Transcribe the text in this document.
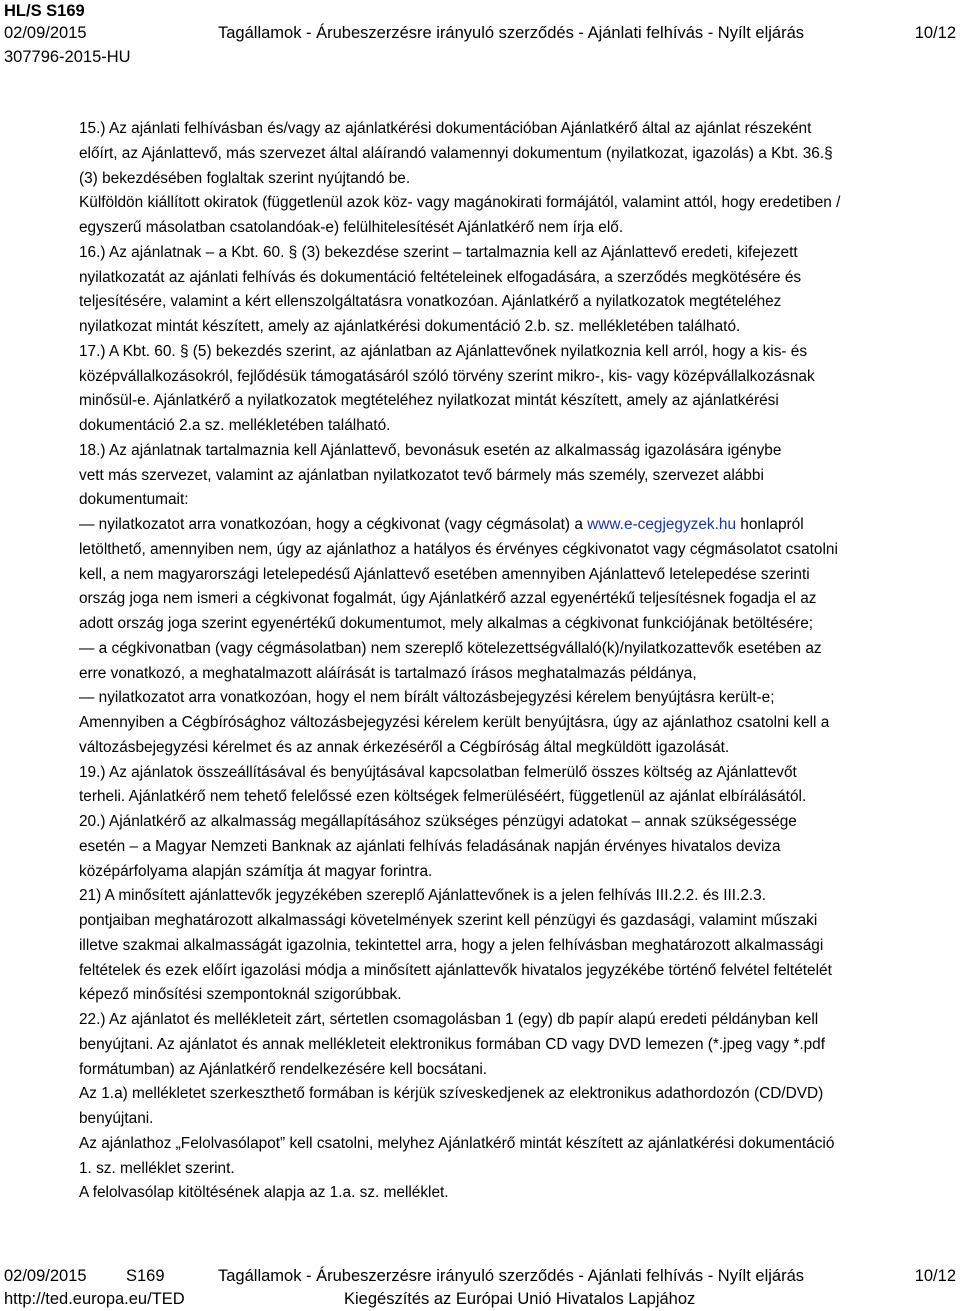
HL/S S169
02/09/2015	Tagállamok - Árubeszerzésre irányuló szerződés - Ajánlati felhívás - Nyílt eljárás	10/12
307796-2015-HU
15.) Az ajánlati felhívásban és/vagy az ajánlatkérési dokumentációban Ajánlatkérő által az ajánlat részeként
előírt, az Ajánlattevő, más szervezet által aláírandó valamennyi dokumentum (nyilatkozat, igazolás) a Kbt. 36.§
(3) bekezdésében foglaltak szerint nyújtandó be.
Külföldön kiállított okiratok (függetlenül azok köz- vagy magánokirati formájától, valamint attól, hogy eredetiben /
egyszerű másolatban csatolandóak-e) felülhitelesítését Ajánlatkérő nem írja elő.
16.) Az ajánlatnak – a Kbt. 60. § (3) bekezdése szerint – tartalmaznia kell az Ajánlattevő eredeti, kifejezett
nyilatkozatát az ajánlati felhívás és dokumentáció feltételeinek elfogadására, a szerződés megkötésére és
teljesítésére, valamint a kért ellenszolgáltatásra vonatkozóan. Ajánlatkérő a nyilatkozatok megtételéhez
nyilatkozat mintát készített, amely az ajánlatkérési dokumentáció 2.b. sz. mellékletében található.
17.) A Kbt. 60. § (5) bekezdés szerint, az ajánlatban az Ajánlattevőnek nyilatkoznia kell arról, hogy a kis- és
középvállalkozásokról, fejlődésük támogatásáról szóló törvény szerint mikro-, kis- vagy középvállalkozásnak
minősül-e. Ajánlatkérő a nyilatkozatok megtételéhez nyilatkozat mintát készített, amely az ajánlatkérési
dokumentáció 2.a sz. mellékletében található.
18.) Az ajánlatnak tartalmaznia kell Ajánlattevő, bevonásuk esetén az alkalmasság igazolására igénybe
vett más szervezet, valamint az ajánlatban nyilatkozatot tevő bármely más személy, szervezet alábbi
dokumentumait:
— nyilatkozatot arra vonatkozóan, hogy a cégkivonat (vagy cégmásolat) a www.e-cegjegyzek.hu honlapról
letölthető, amennyiben nem, úgy az ajánlathoz a hatályos és érvényes cégkivonatot vagy cégmásolatot csatolni
kell, a nem magyarországi letelepedésű Ajánlattevő esetében amennyiben Ajánlattevő letelepedése szerinti
ország joga nem ismeri a cégkivonat fogalmát, úgy Ajánlatkérő azzal egyenértékű teljesítésnek fogadja el az
adott ország joga szerint egyenértékű dokumentumot, mely alkalmas a cégkivonat funkciójának betöltésére;
— a cégkivonatban (vagy cégmásolatban) nem szereplő kötelezettségvállaló(k)/nyilatkozattevők esetében az
erre vonatkozó, a meghatalmazott aláírását is tartalmazó írásos meghatalmazás példánya,
— nyilatkozatot arra vonatkozóan, hogy el nem bírált változásbejegyzési kérelem benyújtásra került-e;
Amennyiben a Cégbírósághoz változásbejegyzési kérelem került benyújtásra, úgy az ajánlathoz csatolni kell a
változásbejegyzési kérelmet és az annak érkezéséről a Cégbíróság által megküldött igazolását.
19.) Az ajánlatok összeállításával és benyújtásával kapcsolatban felmerülő összes költség az Ajánlattevőt
terheli. Ajánlatkérő nem tehető felelőssé ezen költségek felmerüléséért, függetlenül az ajánlat elbírálásától.
20.) Ajánlatkérő az alkalmasság megállapításához szükséges pénzügyi adatokat – annak szükségessége
esetén – a Magyar Nemzeti Banknak az ajánlati felhívás feladásának napján érvényes hivatalos deviza
középárfolyama alapján számítja át magyar forintra.
21) A minősített ajánlattevők jegyzékében szereplő Ajánlattevőnek is a jelen felhívás III.2.2. és III.2.3.
pontjaiban meghatározott alkalmassági követelmények szerint kell pénzügyi és gazdasági, valamint műszaki
illetve szakmai alkalmasságát igazolnia, tekintettel arra, hogy a jelen felhívásban meghatározott alkalmassági
feltételek és ezek előírt igazolási módja a minősített ajánlattevők hivatalos jegyzékébe történő felvétel feltételét
képező minősítési szempontoknál szigorúbbak.
22.) Az ajánlatot és mellékleteit zárt, sértetlen csomagolásban 1 (egy) db papír alapú eredeti példányban kell
benyújtani. Az ajánlatot és annak mellékleteit elektronikus formában CD vagy DVD lemezen (*.jpeg vagy *.pdf
formátumban) az Ajánlatkérő rendelkezésére kell bocsátani.
Az 1.a) mellékletet szerkeszthető formában is kérjük szíveskedjenek az elektronikus adathordozón (CD/DVD)
benyújtani.
Az ajánlathoz „Felolvasólapot” kell csatolni, melyhez Ajánlatkérő mintát készített az ajánlatkérési dokumentáció
1. sz. melléklet szerint.
A felolvasólap kitöltésének alapja az 1.a. sz. melléklet.
02/09/2015 S169	Tagállamok - Árubeszerzésre irányuló szerződés - Ajánlati felhívás - Nyílt eljárás	10/12
http://ted.europa.eu/TED	Kiegészítés az Európai Unió Hivatalos Lapjához
